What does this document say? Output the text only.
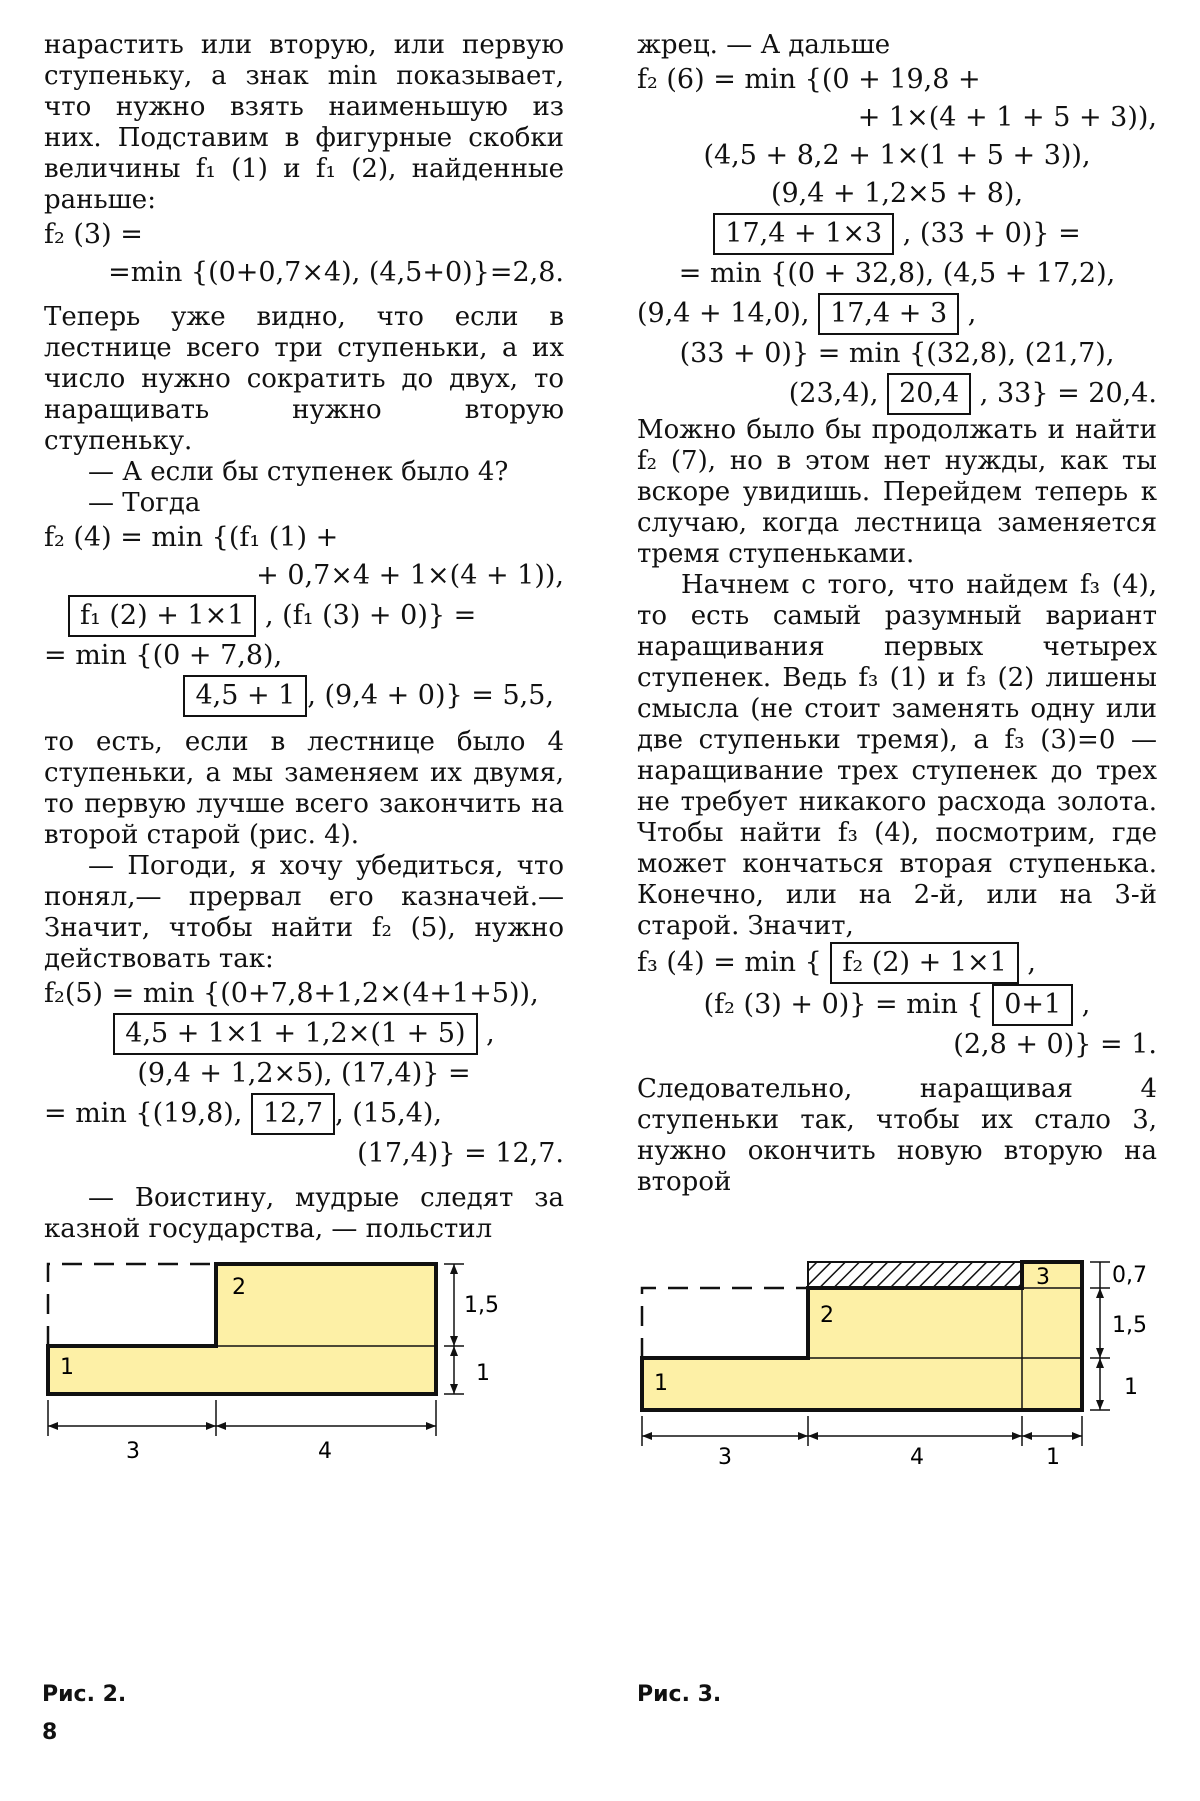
нарастить или вторую, или первую ступеньку, а знак min показывает, что нужно взять наименьшую из них. Подставим в фигурные скобки величины f₁ (1) и f₁ (2), найденные раньше:

f₂ (3) =
=min {(0+0,7×4), (4,5+0)}=2,8.

Теперь уже видно, что если в лестнице всего три ступеньки, а их число нужно сократить до двух, то наращивать нужно вторую ступеньку.

— А если бы ступенек было 4?

— Тогда

f₂ (4) = min {(f₁ (1) +
+ 0,7×4 + 1×(4 + 1)),
f₁ (2) + 1×1 , (f₁ (3) + 0)} =
= min {(0 + 7,8),
4,5 + 1 , (9,4 + 0)} = 5,5,

то есть, если в лестнице было 4 ступеньки, а мы заменяем их двумя, то первую лучше всего закончить на второй старой (рис. 4).

— Погоди, я хочу убедиться, что понял,— прервал его казначей.— Значит, чтобы найти f₂ (5), нужно действовать так:

f₂(5) = min {(0+7,8+1,2×(4+1+5)),
4,5 + 1×1 + 1,2×(1 + 5) ,
(9,4 + 1,2×5), (17,4)} =
= min {(19,8), 12,7 , (15,4),
(17,4)} = 12,7.

— Воистину, мудрые следят за казной государства, — польстил

жрец. — А дальше

f₂ (6) = min {(0 + 19,8 +
+ 1×(4 + 1 + 5 + 3)),
(4,5 + 8,2 + 1×(1 + 5 + 3)),
(9,4 + 1,2×5 + 8),
17,4 + 1×3 , (33 + 0)} =
= min {(0 + 32,8), (4,5 + 17,2),
(9,4 + 14,0), 17,4 + 3 ,
(33 + 0)} = min {(32,8), (21,7),
(23,4), 20,4 , 33} = 20,4.

Можно было бы продолжать и найти f₂ (7), но в этом нет нужды, как ты вскоре увидишь. Перейдем теперь к случаю, когда лестница заменяется тремя ступеньками.

Начнем с того, что найдем f₃ (4), то есть самый разумный вариант наращивания первых четырех ступенек. Ведь f₃ (1) и f₃ (2) лишены смысла (не стоит заменять одну или две ступеньки тремя), а f₃ (3)=0 — наращивание трех ступенек до трех не требует никакого расхода золота. Чтобы найти f₃ (4), посмотрим, где может кончаться вторая ступенька. Конечно, или на 2-й, или на 3-й старой. Значит,

f₃ (4) = min { f₂ (2) + 1×1 ,
(f₂ (3) + 0)} = min { 0+1 ,
(2,8 + 0)} = 1.

Следовательно, наращивая 4 ступеньки так, чтобы их стало 3, нужно окончить новую вторую на второй

1
2
1,5
1
3	4
Рис. 2.
1
2
3	0,7
1,5
1
3	4	1
Рис. 3.
8
